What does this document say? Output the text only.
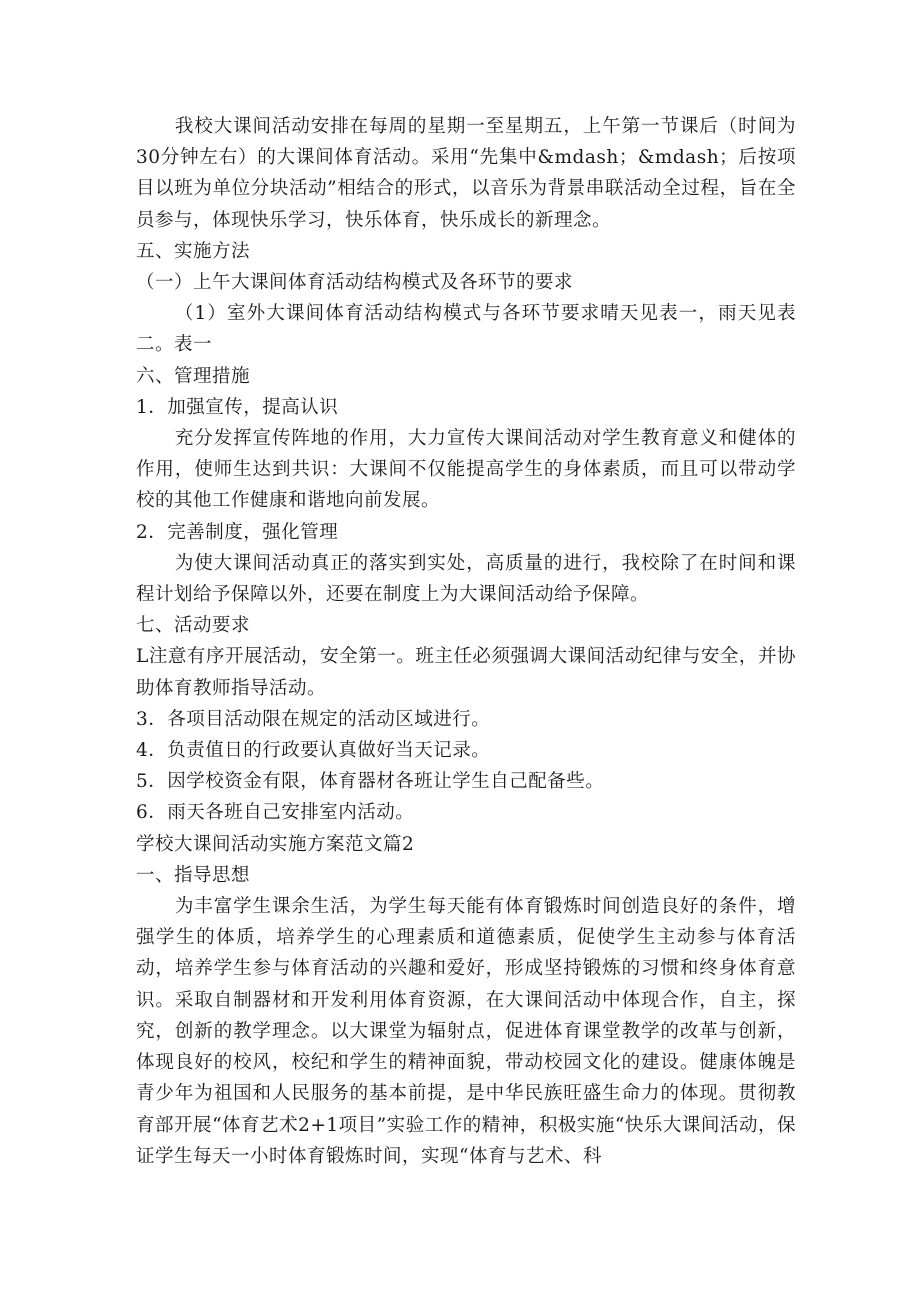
我校大课间活动安排在每周的星期一至星期五，上午第一节课后（时间为30分钟左右）的大课间体育活动。采用“先集中&mdash；&mdash；后按项目以班为单位分块活动”相结合的形式，以音乐为背景串联活动全过程，旨在全员参与，体现快乐学习，快乐体育，快乐成长的新理念。

五、实施方法

（一）上午大课间体育活动结构模式及各环节的要求

（1）室外大课间体育活动结构模式与各环节要求晴天见表一，雨天见表二。表一

六、管理措施

1．加强宣传，提高认识

充分发挥宣传阵地的作用，大力宣传大课间活动对学生教育意义和健体的作用，使师生达到共识：大课间不仅能提高学生的身体素质，而且可以带动学校的其他工作健康和谐地向前发展。

2．完善制度，强化管理

为使大课间活动真正的落实到实处，高质量的进行，我校除了在时间和课程计划给予保障以外，还要在制度上为大课间活动给予保障。

七、活动要求

L注意有序开展活动，安全第一。班主任必须强调大课间活动纪律与安全，并协助体育教师指导活动。

3．各项目活动限在规定的活动区域进行。

4．负责值日的行政要认真做好当天记录。

5．因学校资金有限，体育器材各班让学生自己配备些。

6．雨天各班自己安排室内活动。

学校大课间活动实施方案范文篇2

一、指导思想

为丰富学生课余生活，为学生每天能有体育锻炼时间创造良好的条件，增强学生的体质，培养学生的心理素质和道德素质，促使学生主动参与体育活动，培养学生参与体育活动的兴趣和爱好，形成坚持锻炼的习惯和终身体育意识。采取自制器材和开发利用体育资源，在大课间活动中体现合作，自主，探究，创新的教学理念。以大课堂为辐射点，促进体育课堂教学的改革与创新，体现良好的校风，校纪和学生的精神面貌，带动校园文化的建设。健康体魄是青少年为祖国和人民服务的基本前提，是中华民族旺盛生命力的体现。贯彻教育部开展“体育艺术2+1项目”实验工作的精神，积极实施“快乐大课间活动，保证学生每天一小时体育锻炼时间，实现“体育与艺术、科
